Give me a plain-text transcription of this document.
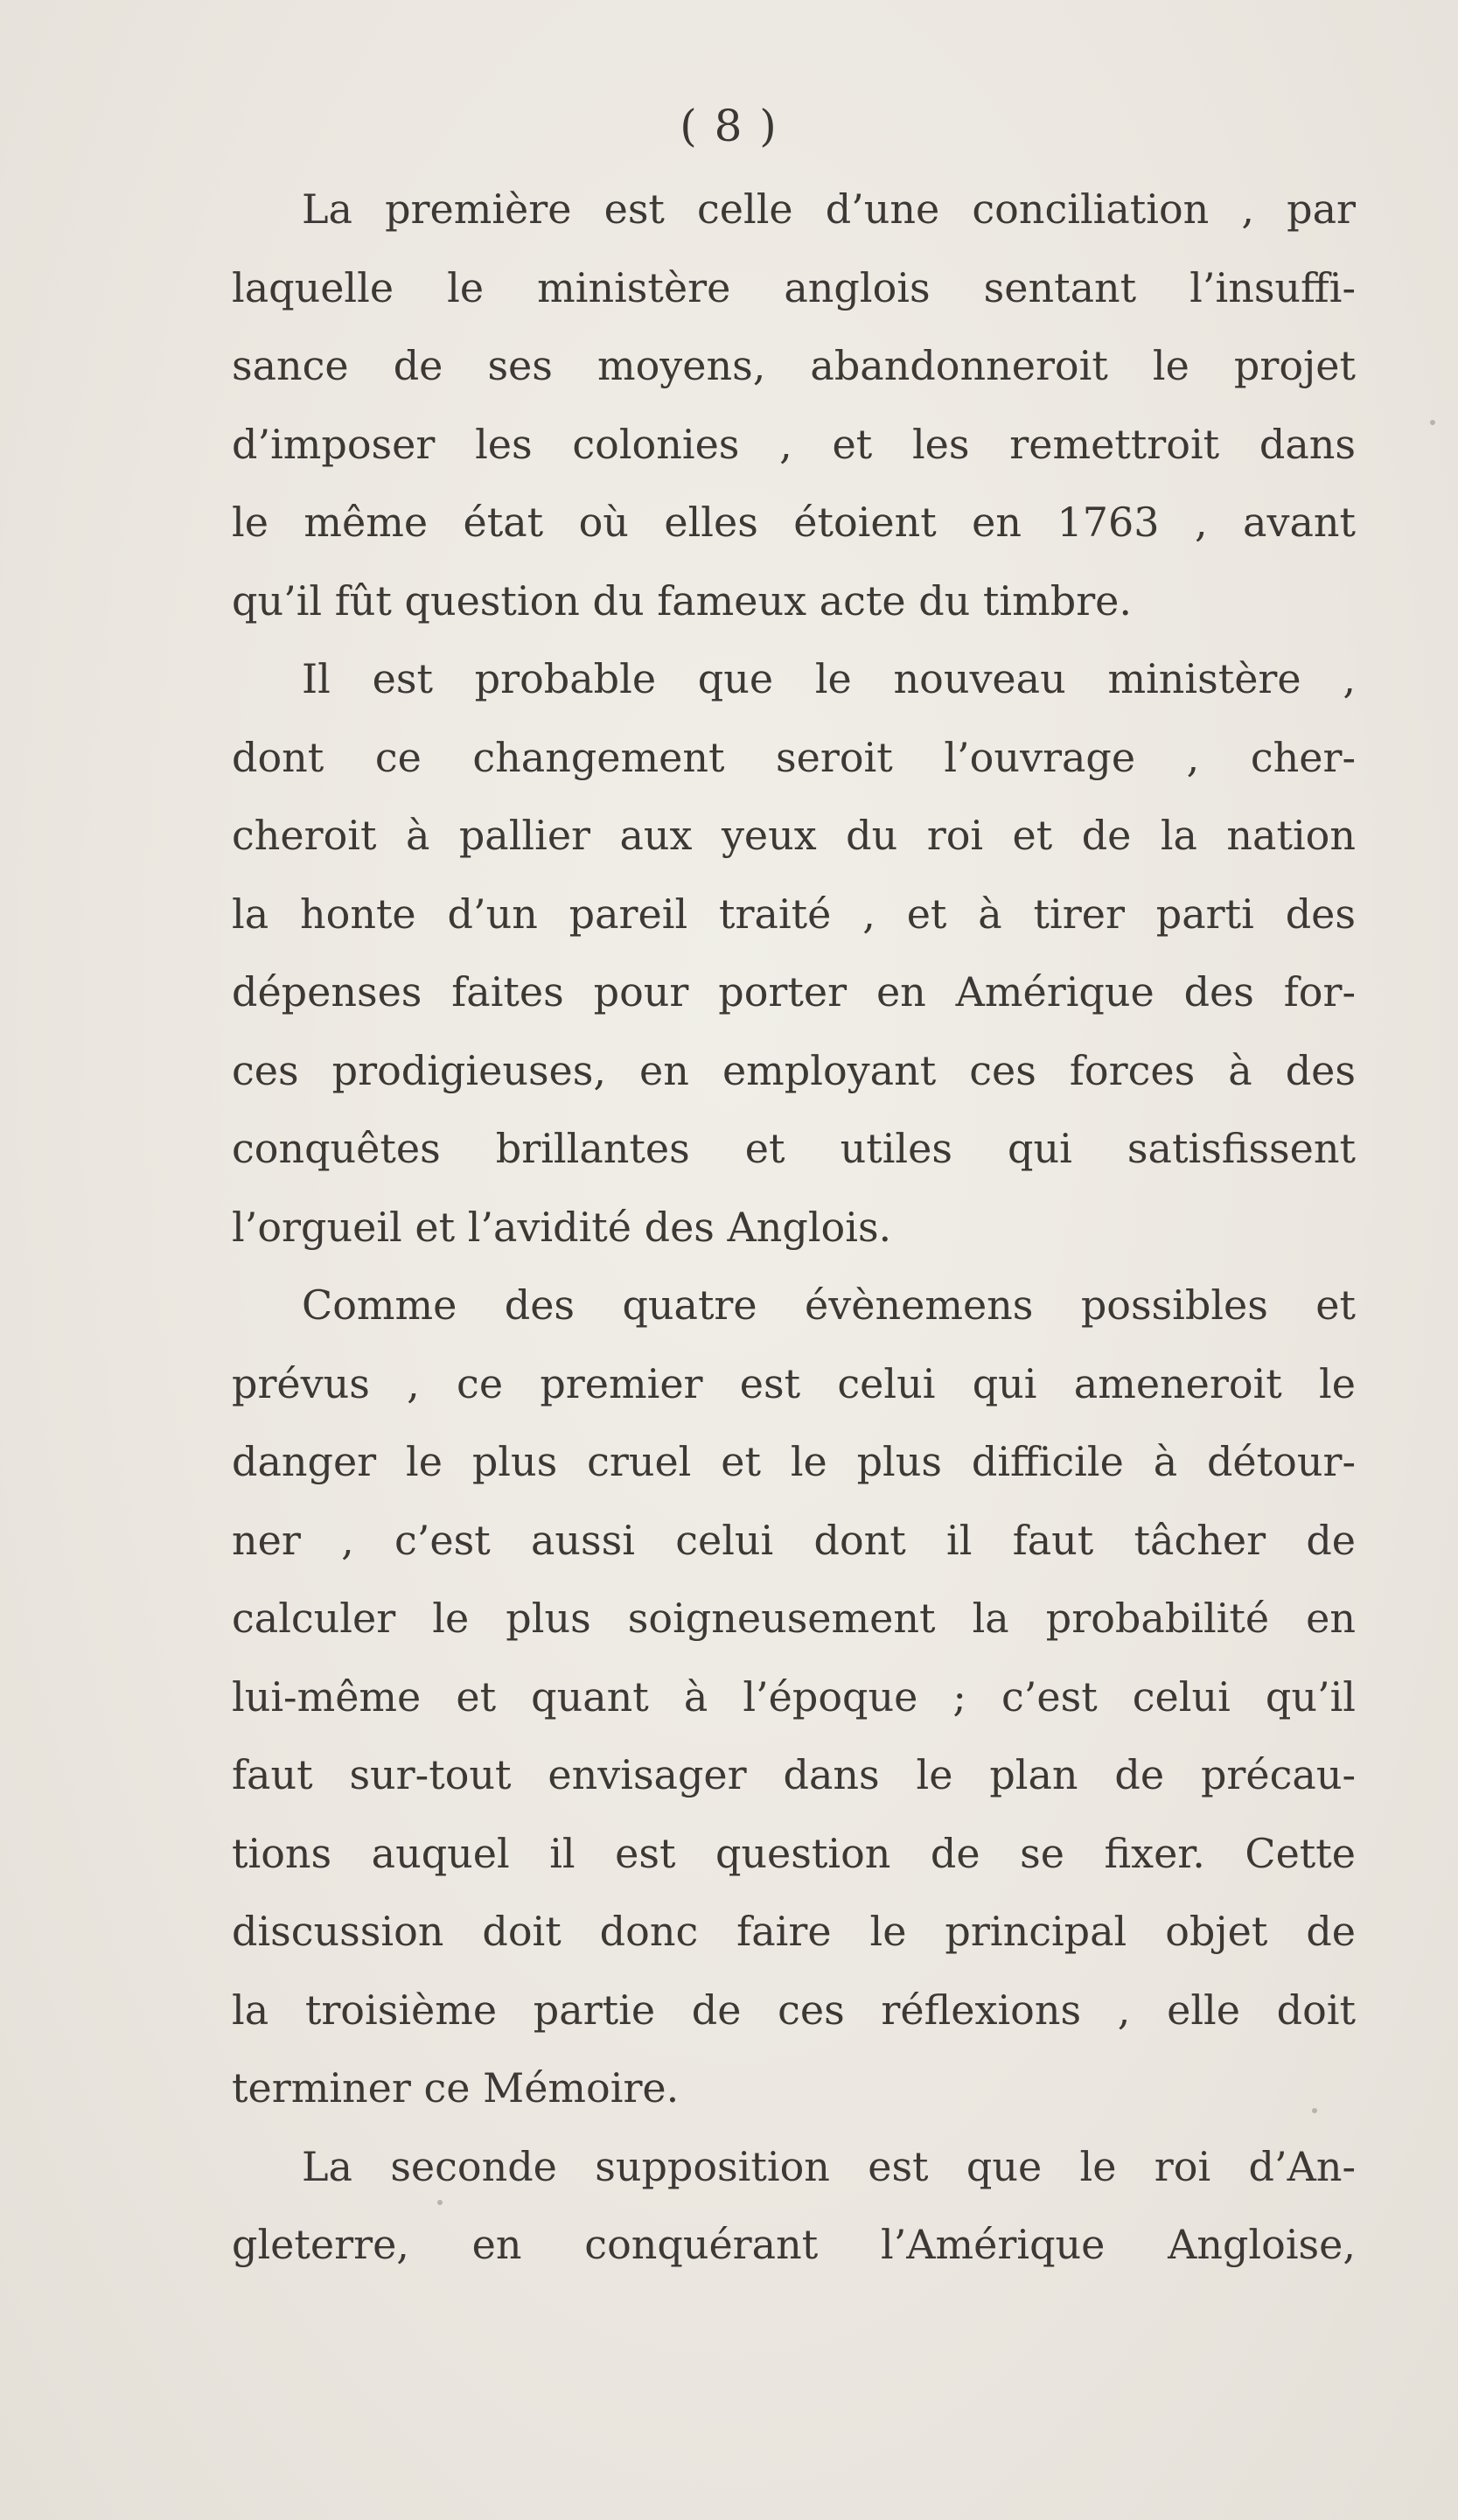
( 8 )
La première est celle d’une conciliation , par
laquelle le ministère anglois sentant l’insuffi-
sance de ses moyens, abandonneroit le projet
d’imposer les colonies , et les remettroit dans
le même état où elles étoient en 1763 , avant
qu’il fût question du fameux acte du timbre.
Il est probable que le nouveau ministère ,
dont ce changement seroit l’ouvrage , cher-
cheroit à pallier aux yeux du roi et de la nation
la honte d’un pareil traité , et à tirer parti des
dépenses faites pour porter en Amérique des for-
ces prodigieuses, en employant ces forces à des
conquêtes brillantes et utiles qui satisfissent
l’orgueil et l’avidité des Anglois.
Comme des quatre évènemens possibles et
prévus , ce premier est celui qui ameneroit le
danger le plus cruel et le plus difficile à détour-
ner , c’est aussi celui dont il faut tâcher de
calculer le plus soigneusement la probabilité en
lui-même et quant à l’époque ; c’est celui qu’il
faut sur-tout envisager dans le plan de précau-
tions auquel il est question de se fixer. Cette
discussion doit donc faire le principal objet de
la troisième partie de ces réflexions , elle doit
terminer ce Mémoire.
La seconde supposition est que le roi d’An-
gleterre, en conquérant l’Amérique Angloise,
